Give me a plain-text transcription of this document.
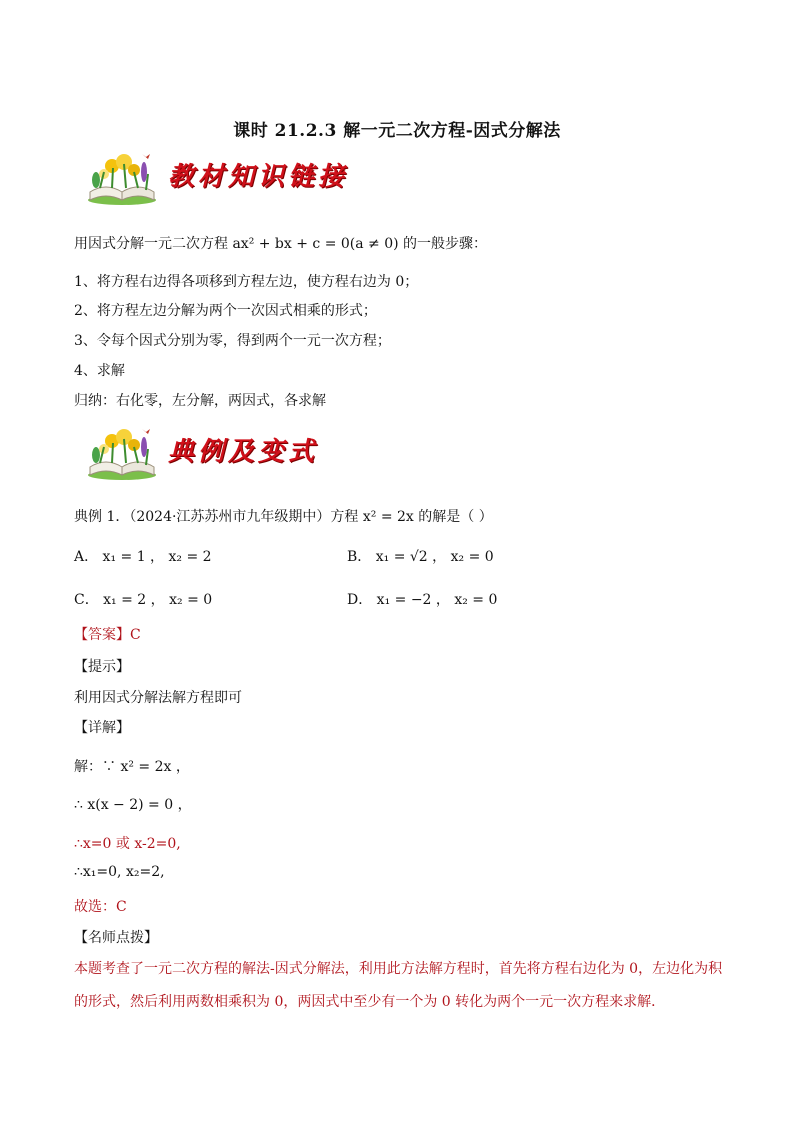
课时 21.2.3 解一元二次方程-因式分解法
教材知识链接
用因式分解一元二次方程 ax² + bx + c = 0(a ≠ 0) 的一般步骤：
1、将方程右边得各项移到方程左边，使方程右边为 0；
2、将方程左边分解为两个一次因式相乘的形式；
3、令每个因式分别为零，得到两个一元一次方程；
4、求解
归纳：右化零，左分解，两因式，各求解
典例及变式
典例 1．（2024·江苏苏州市九年级期中）方程 x² = 2x 的解是（ ）
A． x₁ = 1 ， x₂ = 2	B． x₁ = √2 ， x₂ = 0
C． x₁ = 2 ， x₂ = 0	D． x₁ = −2 ， x₂ = 0
【答案】C
【提示】
利用因式分解法解方程即可
【详解】
解：∵ x² = 2x ，
∴ x(x − 2) = 0 ，
∴x=0 或 x-2=0,
∴x₁=0, x₂=2,
故选：C
【名师点拨】
本题考查了一元二次方程的解法-因式分解法，利用此方法解方程时，首先将方程右边化为 0，左边化为积
的形式，然后利用两数相乘积为 0，两因式中至少有一个为 0 转化为两个一元一次方程来求解．
